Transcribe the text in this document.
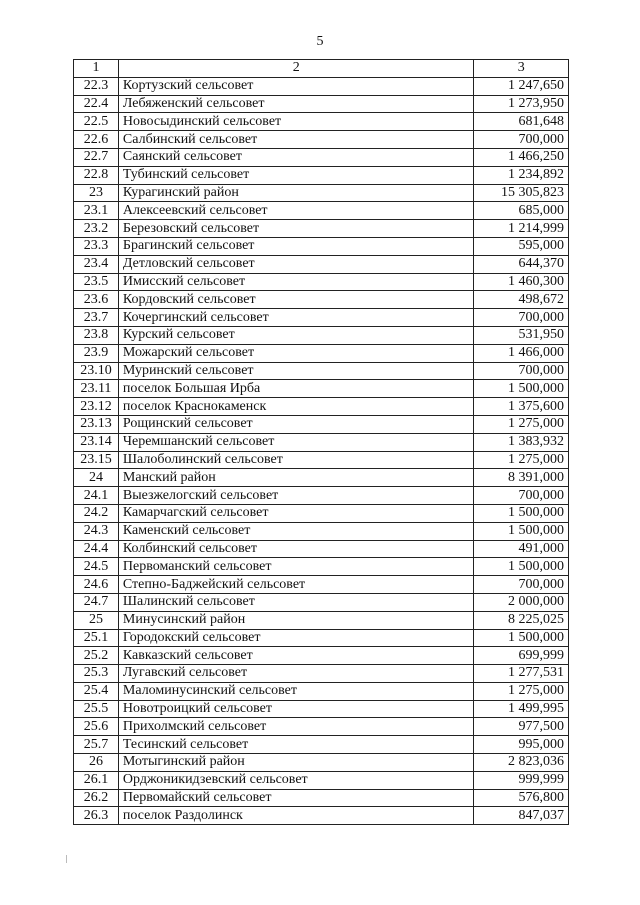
5
1	2	3
22.3	Кортузский сельсовет	1 247,650
22.4	Лебяженский сельсовет	1 273,950
22.5	Новосыдинский сельсовет	681,648
22.6	Салбинский сельсовет	700,000
22.7	Саянский сельсовет	1 466,250
22.8	Тубинский сельсовет	1 234,892
23	Курагинский район	15 305,823
23.1	Алексеевский сельсовет	685,000
23.2	Березовский сельсовет	1 214,999
23.3	Брагинский сельсовет	595,000
23.4	Детловский сельсовет	644,370
23.5	Имисский сельсовет	1 460,300
23.6	Кордовский сельсовет	498,672
23.7	Кочергинский сельсовет	700,000
23.8	Курский сельсовет	531,950
23.9	Можарский сельсовет	1 466,000
23.10	Муринский сельсовет	700,000
23.11	поселок Большая Ирба	1 500,000
23.12	поселок Краснокаменск	1 375,600
23.13	Рощинский сельсовет	1 275,000
23.14	Черемшанский сельсовет	1 383,932
23.15	Шалоболинский сельсовет	1 275,000
24	Манский район	8 391,000
24.1	Выезжелогский сельсовет	700,000
24.2	Камарчагский сельсовет	1 500,000
24.3	Каменский сельсовет	1 500,000
24.4	Колбинский сельсовет	491,000
24.5	Первоманский сельсовет	1 500,000
24.6	Степно-Баджейский сельсовет	700,000
24.7	Шалинский сельсовет	2 000,000
25	Минусинский район	8 225,025
25.1	Городокский сельсовет	1 500,000
25.2	Кавказский сельсовет	699,999
25.3	Лугавский сельсовет	1 277,531
25.4	Маломинусинский сельсовет	1 275,000
25.5	Новотроицкий сельсовет	1 499,995
25.6	Прихолмский сельсовет	977,500
25.7	Тесинский сельсовет	995,000
26	Мотыгинский район	2 823,036
26.1	Орджоникидзевский сельсовет	999,999
26.2	Первомайский сельсовет	576,800
26.3	поселок Раздолинск	847,037
